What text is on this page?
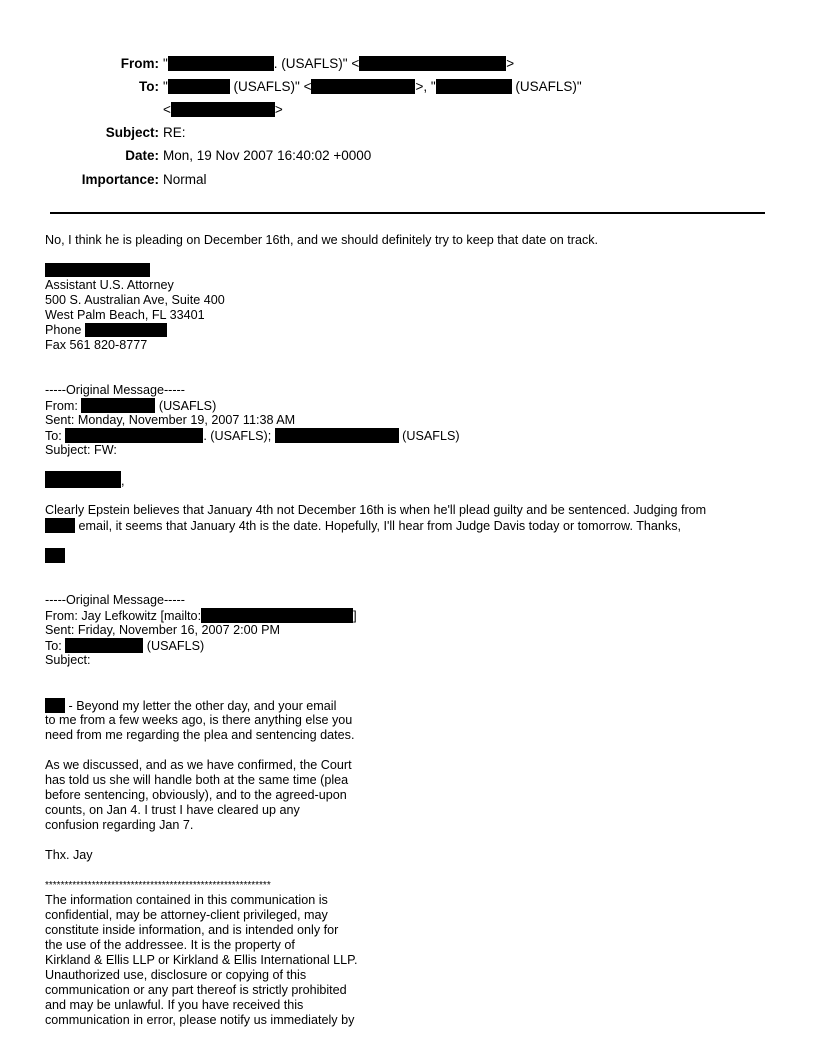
From: "	. (USAFLS)" <	>
To: "	(USAFLS)" <	>, "	(USAFLS)"
<	>
Subject: RE:
Date: Mon, 19 Nov 2007 16:40:02 +0000
Importance: Normal
No, I think he is pleading on December 16th, and we should definitely try to keep that date on track.
Assistant U.S. Attorney
500 S. Australian Ave, Suite 400
West Palm Beach, FL 33401
Phone
Fax 561 820-8777
-----Original Message-----
From:	(USAFLS)
Sent: Monday, November 19, 2007 11:38 AM
To:	. (USAFLS);	(USAFLS)
Subject: FW:
,
Clearly Epstein believes that January 4th not December 16th is when he'll plead guilty and be sentenced. Judging from
email, it seems that January 4th is the date. Hopefully, I'll hear from Judge Davis today or tomorrow. Thanks,
-----Original Message-----
From: Jay Lefkowitz [mailto:	]
Sent: Friday, November 16, 2007 2:00 PM
To:	(USAFLS)
Subject:
- Beyond my letter the other day, and your email
to me from a few weeks ago, is there anything else you
need from me regarding the plea and sentencing dates.
As we discussed, and as we have confirmed, the Court
has told us she will handle both at the same time (plea
before sentencing, obviously), and to the agreed-upon
counts, on Jan 4. I trust I have cleared up any
confusion regarding Jan 7.
Thx. Jay
**********************************************************
The information contained in this communication is
confidential, may be attorney-client privileged, may
constitute inside information, and is intended only for
the use of the addressee. It is the property of
Kirkland & Ellis LLP or Kirkland & Ellis International LLP.
Unauthorized use, disclosure or copying of this
communication or any part thereof is strictly prohibited
and may be unlawful. If you have received this
communication in error, please notify us immediately by
